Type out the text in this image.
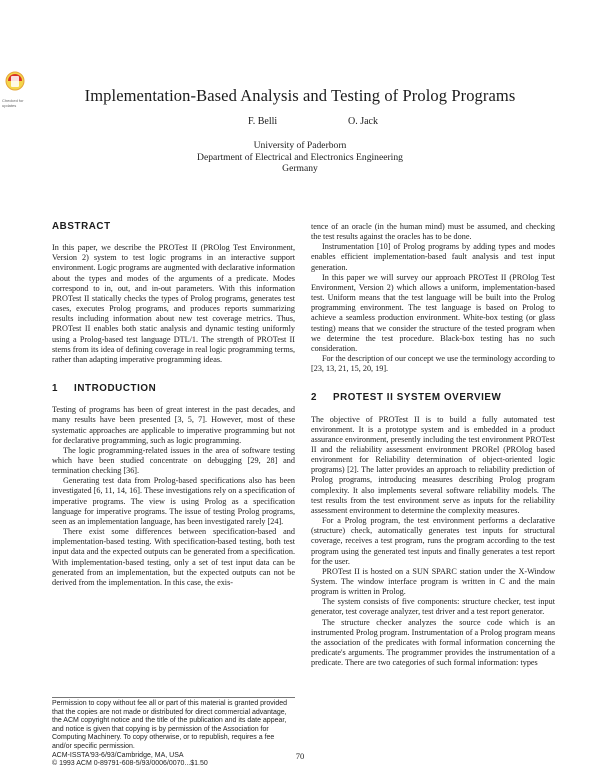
Checked for updates
Implementation-Based Analysis and Testing of Prolog Programs
F. Belli	O. Jack
University of Paderborn
Department of Electrical and Electronics Engineering
Germany
ABSTRACT

In this paper, we describe the PROTest II (PROlog Test Environment, Version 2) system to test logic programs in an interactive support environment. Logic programs are augmented with declarative information about the types and modes of the arguments of a predicate. Modes correspond to in, out, and in-out parameters. With this information PROTest II statically checks the types of Prolog programs, generates test cases, executes Prolog programs, and produces reports summarizing results including information about new test coverage metrics. Thus, PROTest II enables both static analysis and dynamic testing uniformly using a Prolog-based test language DTL/1. The strength of PROTest II stems from its idea of defining coverage in real logic programming terms, rather than adapting imperative programming ideas.

1 INTRODUCTION

Testing of programs has been of great interest in the past decades, and many results have been presented [3, 5, 7]. However, most of these systematic approaches are applicable to imperative programming but not for declarative programming, such as logic programming.

The logic programming-related issues in the area of software testing which have been studied concentrate on debugging [29, 28] and termination checking [36].

Generating test data from Prolog-based specifications also has been investigated [6, 11, 14, 16]. These investigations rely on a specification of imperative programs. The view is using Prolog as a specification language for imperative programs. The issue of testing Prolog programs, seen as an implementation language, has been investigated rarely [24].

There exist some differences between specification-based and implementation-based testing. With specification-based testing, both test input data and the expected outputs can be generated from a specification. With implementation-based testing, only a set of test input data can be generated from an implementation, but the expected outputs can not be derived from the implementation. In this case, the exis-

Permission to copy without fee all or part of this material is granted provided that the copies are not made or distributed for direct commercial advantage, the ACM copyright notice and the title of the publication and its date appear, and notice is given that copying is by permission of the Association for Computing Machinery. To copy otherwise, or to republish, requires a fee and/or specific permission.
ACM-ISSTA'93-6/93/Cambridge, MA, USA
© 1993 ACM 0-89791-608-5/93/0006/0070...$1.50

tence of an oracle (in the human mind) must be assumed, and checking the test results against the oracles has to be done.

Instrumentation [10] of Prolog programs by adding types and modes enables efficient implementation-based fault analysis and test input generation.

In this paper we will survey our approach PROTest II (PROlog Test Environment, Version 2) which allows a uniform, implementation-based test. Uniform means that the test language will be built into the Prolog programming environment. The test language is based on Prolog to achieve a seamless production environment. White-box testing (or glass testing) means that we consider the structure of the tested program when we determine the test procedure. Black-box testing has no such consideration.

For the description of our concept we use the terminology according to [23, 13, 21, 15, 20, 19].

2 PROTEST II SYSTEM OVERVIEW

The objective of PROTest II is to build a fully automated test environment. It is a prototype system and is embedded in a product assurance environment, presently including the test environment PROTest II and the reliability assessment environment PRORel (PROlog based environment for Reliability determination of object-oriented logic programs) [2]. The latter provides an approach to reliability prediction of Prolog programs, introducing measures describing Prolog program complexity. It also implements several software reliability models. The test results from the test environment serve as inputs for the reliability assessment environment to determine the complexity measures.

For a Prolog program, the test environment performs a declarative (structure) check, automatically generates test inputs for structural coverage, receives a test program, runs the program according to the test program using the generated test inputs and finally generates a test report for the user.

PROTest II is hosted on a SUN SPARC station under the X-Window System. The window interface program is written in C and the main program is written in Prolog.

The system consists of five components: structure checker, test input generator, test coverage analyzer, test driver and a test report generator.

The structure checker analyzes the source code which is an instrumented Prolog program. Instrumentation of a Prolog program means the association of the predicates with formal information concerning the predicate's arguments. The programmer provides the instrumentation of a predicate. There are two categories of such formal information: types

70
